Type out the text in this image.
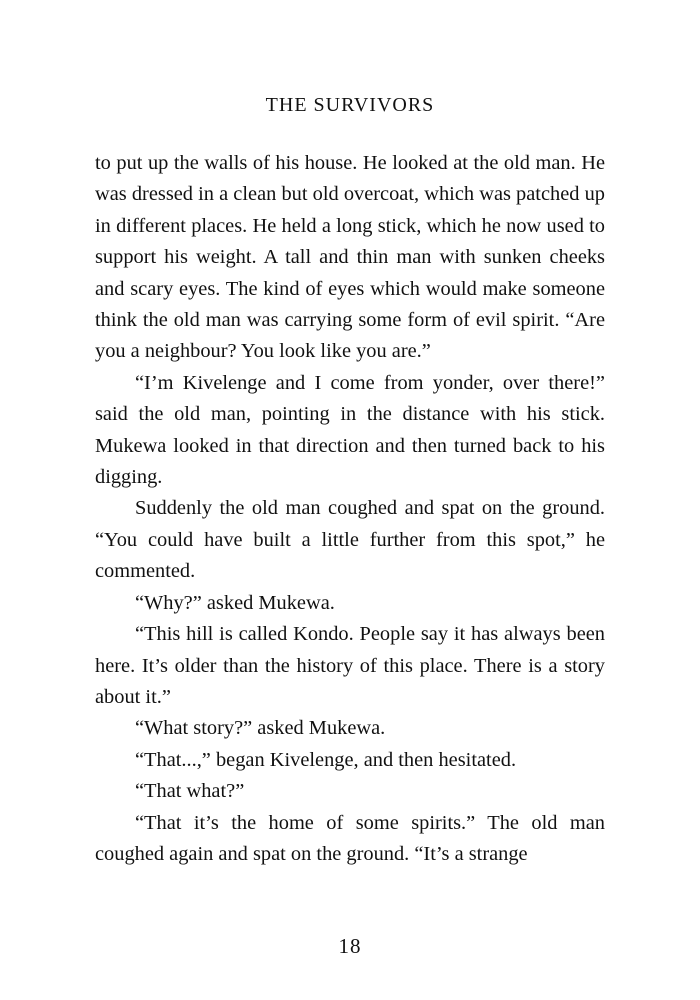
THE SURVIVORS

to put up the walls of his house. He looked at the old man. He was dressed in a clean but old overcoat, which was patched up in different places. He held a long stick, which he now used to support his weight. A tall and thin man with sunken cheeks and scary eyes. The kind of eyes which would make someone think the old man was carrying some form of evil spirit. “Are you a neighbour? You look like you are.”

“I’m Kivelenge and I come from yonder, over there!” said the old man, pointing in the distance with his stick. Mukewa looked in that direction and then turned back to his digging.

Suddenly the old man coughed and spat on the ground. “You could have built a little further from this spot,” he commented.

“Why?” asked Mukewa.

“This hill is called Kondo. People say it has always been here. It’s older than the history of this place. There is a story about it.”

“What story?” asked Mukewa.

“That...,” began Kivelenge, and then hesitated.

“That what?”

“That it’s the home of some spirits.” The old man coughed again and spat on the ground. “It’s a strange

18
